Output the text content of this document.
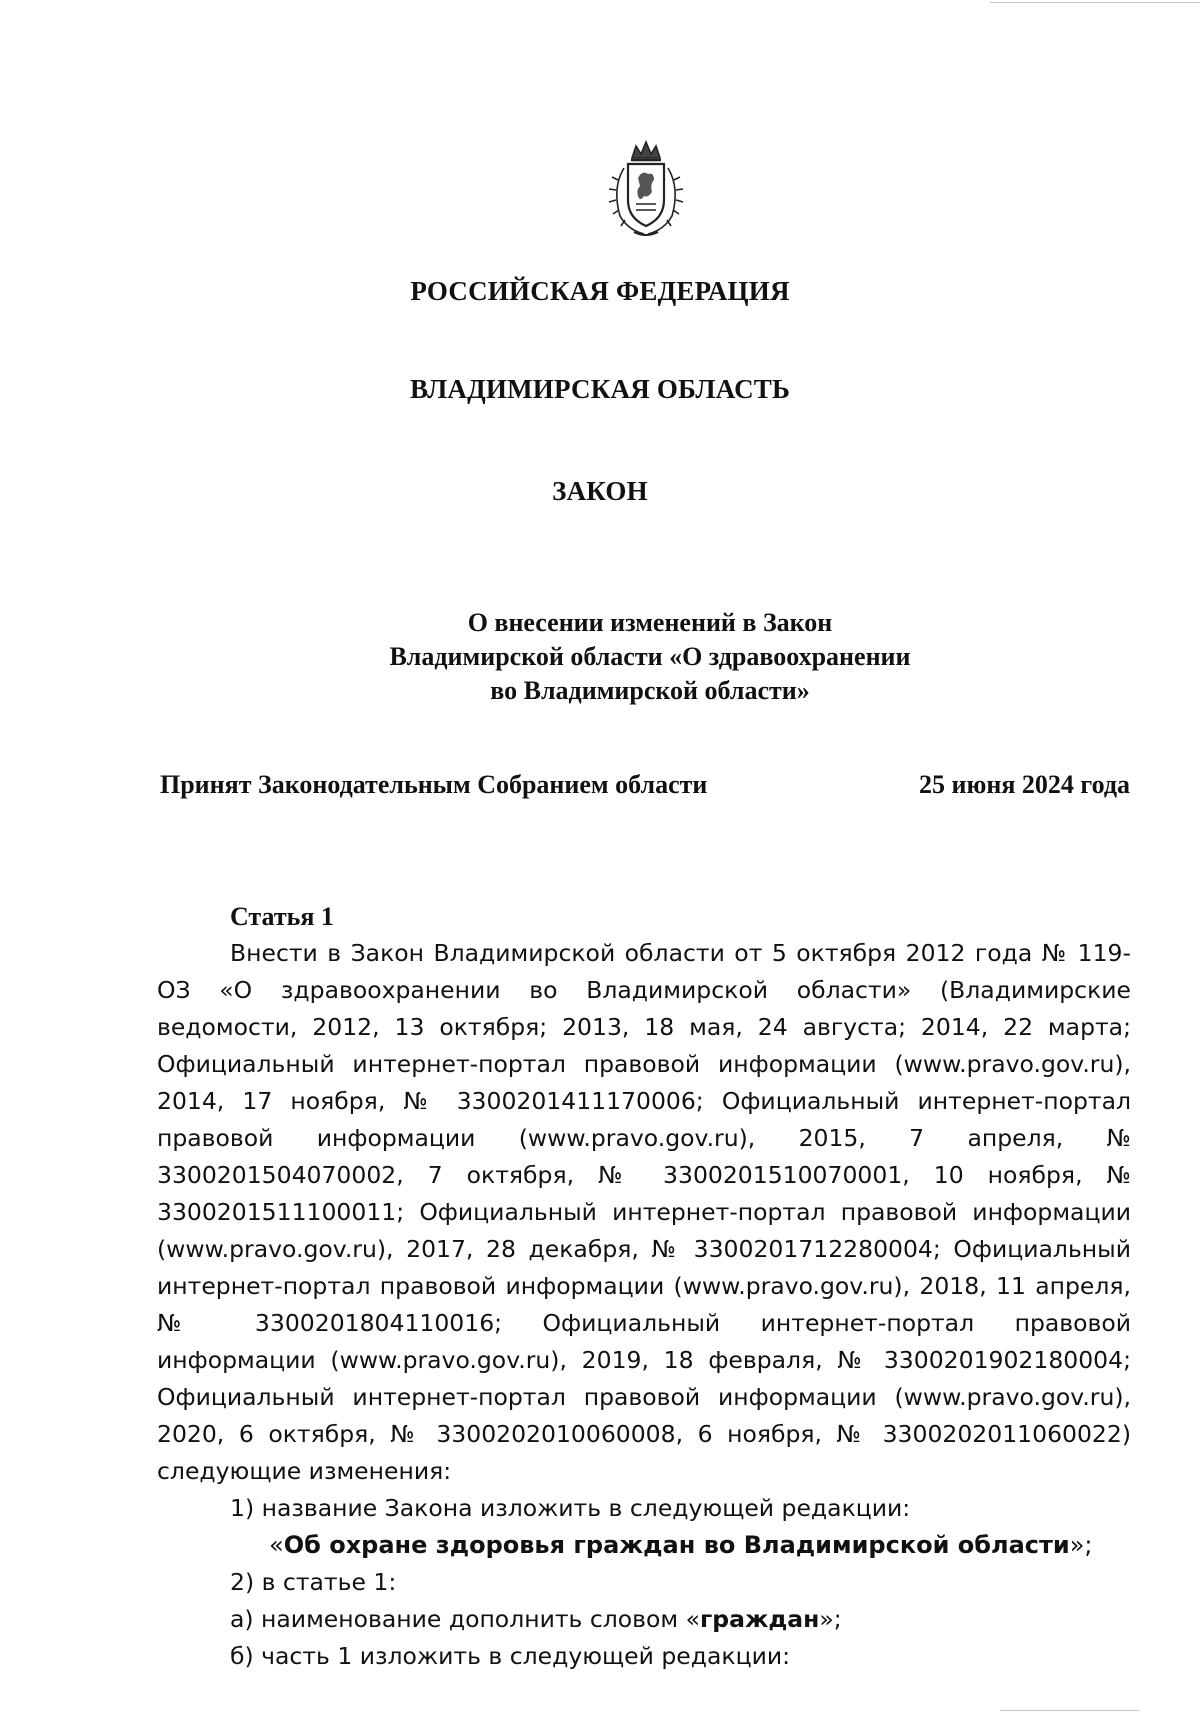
РОССИЙСКАЯ ФЕДЕРАЦИЯ

ВЛАДИМИРСКАЯ ОБЛАСТЬ

ЗАКОН

О внесении изменений в Закон
Владимирской области «О здравоохранении
во Владимирской области»
Принят Законодательным Собранием области	25 июня 2024 года
Статья 1

Внести в Закон Владимирской области от 5 октября 2012 года № 119-ОЗ «О здравоохранении во Владимирской области» (Владимирские ведомости, 2012, 13 октября; 2013, 18 мая, 24 августа; 2014, 22 марта; Официальный интернет-портал правовой информации (www.pravo.gov.ru), 2014, 17 ноября, № 3300201411170006; Официальный интернет-портал правовой информации (www.pravo.gov.ru), 2015, 7 апреля, № 3300201504070002, 7 октября, № 3300201510070001, 10 ноября, № 3300201511100011; Официальный интернет-портал правовой информации (www.pravo.gov.ru), 2017, 28 декабря, № 3300201712280004; Официальный интернет-портал правовой информации (www.pravo.gov.ru), 2018, 11 апреля, № 3300201804110016; Официальный интернет-портал правовой информации (www.pravo.gov.ru), 2019, 18 февраля, № 3300201902180004; Официальный интернет-портал правовой информации (www.pravo.gov.ru), 2020, 6 октября, № 3300202010060008, 6 ноября, № 3300202011060022) следующие изменения:

1) название Закона изложить в следующей редакции:

«Об охране здоровья граждан во Владимирской области»;

2) в статье 1:

а) наименование дополнить словом «граждан»;

б) часть 1 изложить в следующей редакции:
